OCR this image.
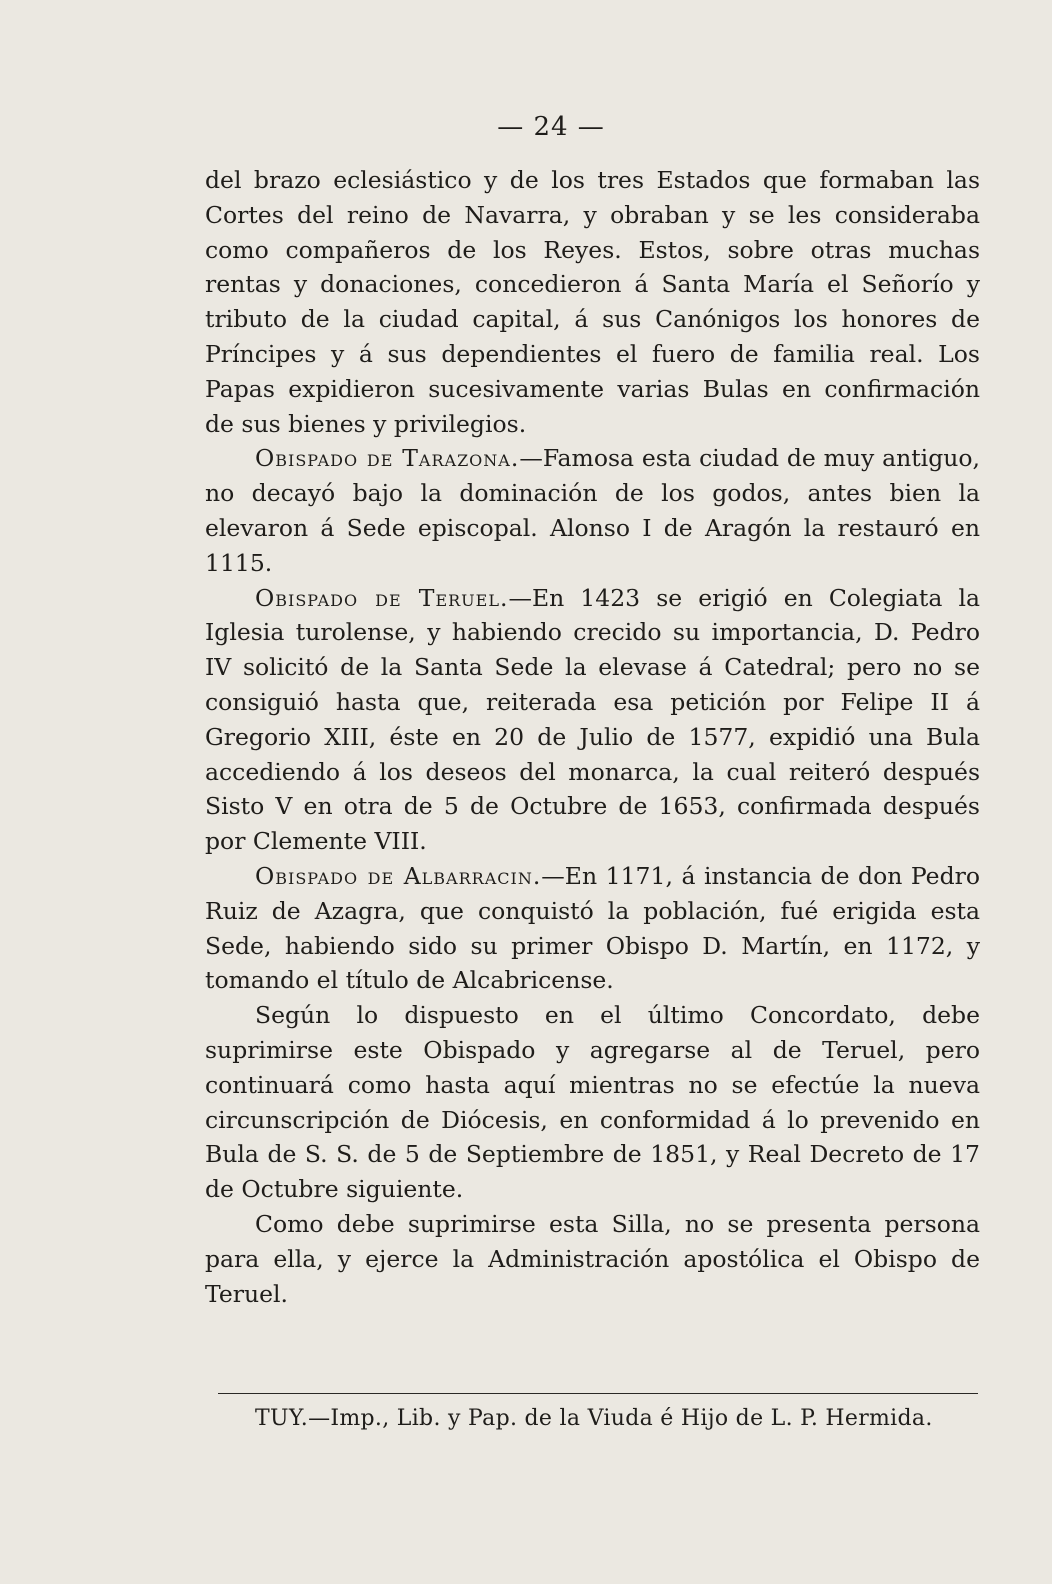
— 24 —

del brazo eclesiástico y de los tres Estados que formaban las Cortes del reino de Navarra, y obraban y se les consideraba como compañeros de los Reyes. Estos, sobre otras muchas rentas y donaciones, concedieron á Santa María el Señorío y tributo de la ciudad capital, á sus Canónigos los honores de Príncipes y á sus dependientes el fuero de familia real. Los Papas expidieron sucesivamente varias Bulas en confirmación de sus bienes y privilegios.

Obispado de Tarazona.—Famosa esta ciudad de muy antiguo, no decayó bajo la dominación de los godos, antes bien la elevaron á Sede episcopal. Alonso I de Aragón la restauró en 1115.

Obispado de Teruel.—En 1423 se erigió en Colegiata la Iglesia turolense, y habiendo crecido su importancia, D. Pedro IV solicitó de la Santa Sede la elevase á Catedral; pero no se consiguió hasta que, reiterada esa petición por Felipe II á Gregorio XIII, éste en 20 de Julio de 1577, expidió una Bula accediendo á los deseos del monarca, la cual reiteró después Sisto V en otra de 5 de Octubre de 1653, confirmada después por Clemente VIII.

Obispado de Albarracin.—En 1171, á instancia de don Pedro Ruiz de Azagra, que conquistó la población, fué erigida esta Sede, habiendo sido su primer Obispo D. Martín, en 1172, y tomando el título de Alcabricense.

Según lo dispuesto en el último Concordato, debe suprimirse este Obispado y agregarse al de Teruel, pero continuará como hasta aquí mientras no se efectúe la nueva circunscripción de Diócesis, en conformidad á lo prevenido en Bula de S. S. de 5 de Septiembre de 1851, y Real Decreto de 17 de Octubre siguiente.

Como debe suprimirse esta Silla, no se presenta persona para ella, y ejerce la Administración apostólica el Obispo de Teruel.

TUY.—Imp., Lib. y Pap. de la Viuda é Hijo de L. P. Hermida.
